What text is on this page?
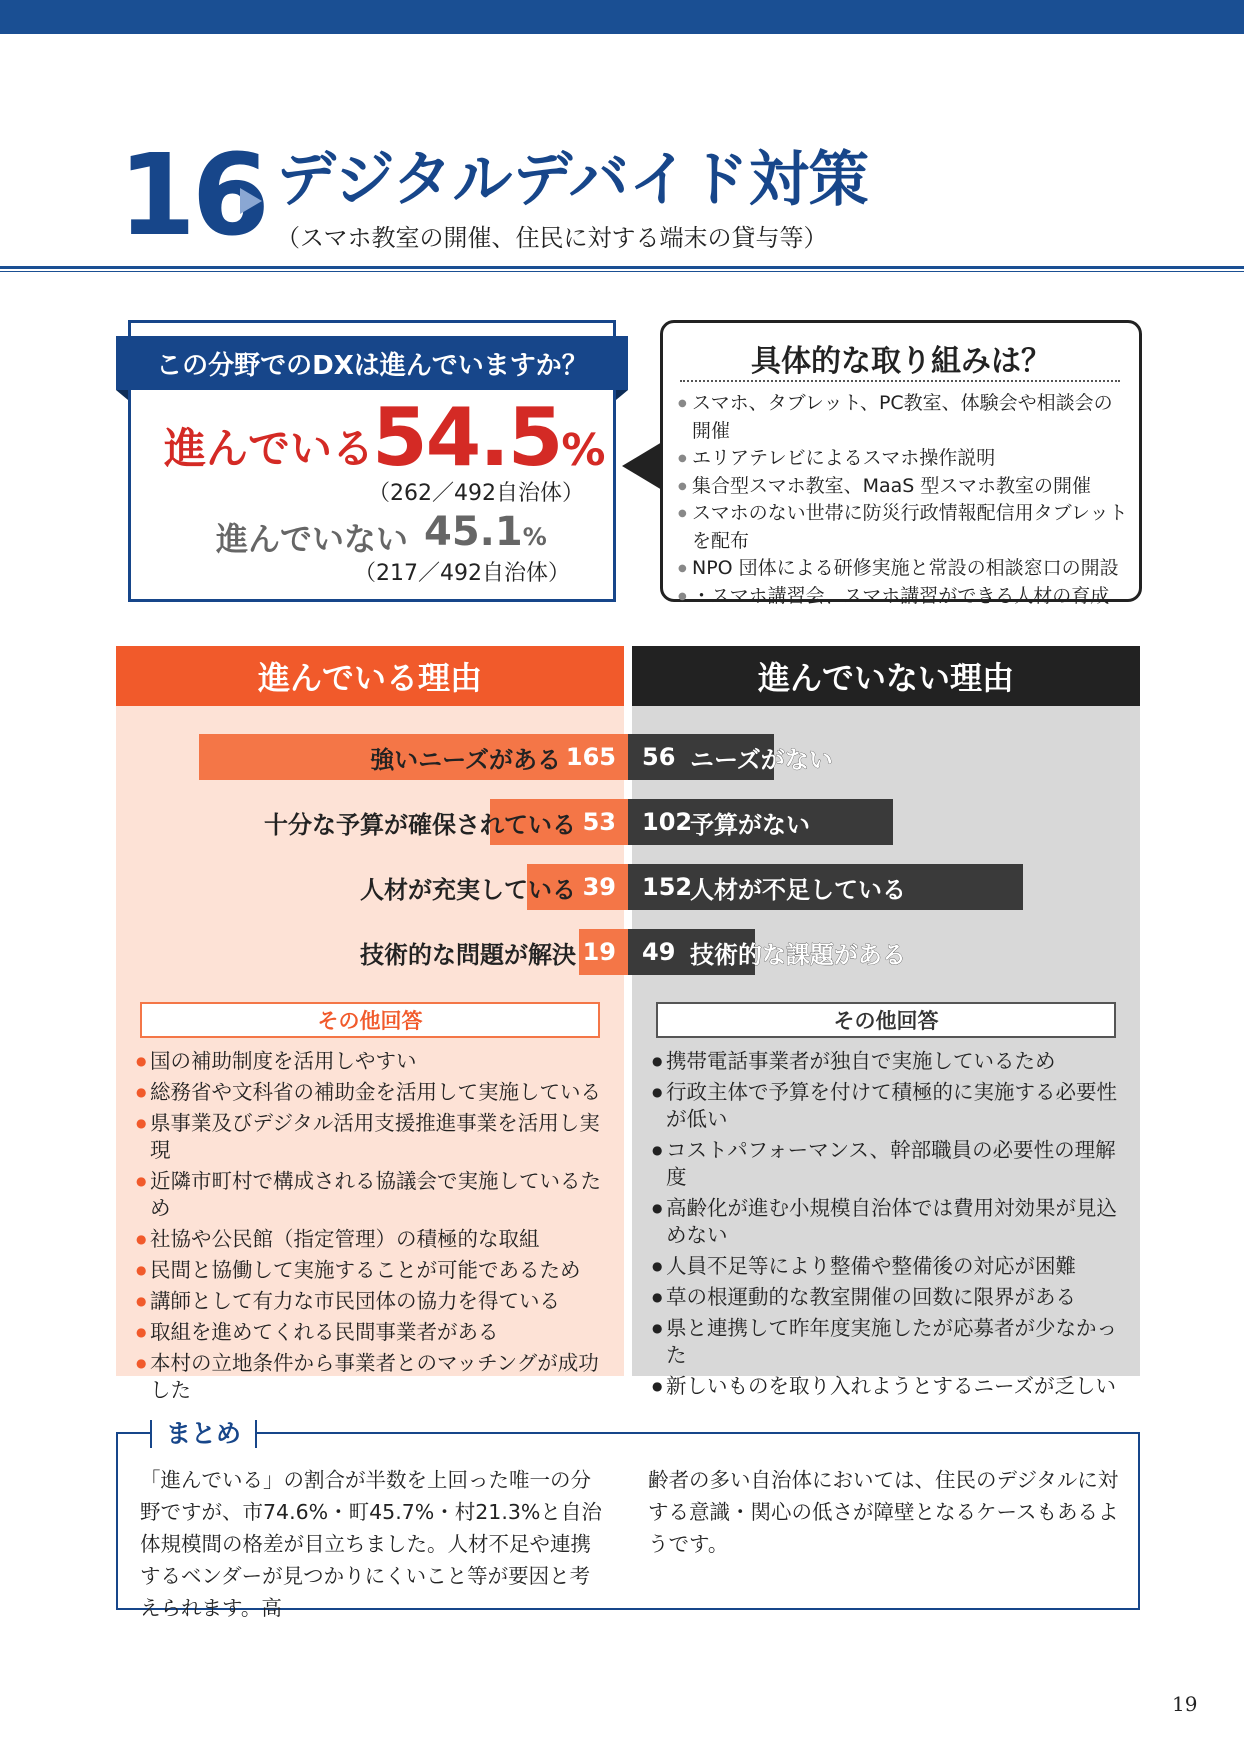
16 デジタルデバイド対策
（スマホ教室の開催、住民に対する端末の貸与等）
この分野でのDXは進んでいますか？
進んでいる
54.5%
（262／492自治体）
進んでいない 45.1%
（217／492自治体）
具体的な取り組みは？
● スマホ、タブレット、PC教室、体験会や相談会の開催
● エリアテレビによるスマホ操作説明
● 集合型スマホ教室、MaaS 型スマホ教室の開催
● スマホのない世帯に防災行政情報配信用タブレットを配布
● NPO 団体による研修実施と常設の相談窓口の開設
● ・スマホ講習会、スマホ講習ができる人材の育成
進んでいる理由	進んでいない理由
強いニーズがある
十分な予算が確保されている
人材が充実している
技術的な問題が解決
165
53
39
19
56
102
152
49
ニーズがない
予算がない
人材が不足している
技術的な課題がある
その他回答	その他回答
● 国の補助制度を活用しやすい
● 総務省や文科省の補助金を活用して実施している
● 県事業及びデジタル活用支援推進事業を活用し実現
● 近隣市町村で構成される協議会で実施しているため
● 社協や公民館（指定管理）の積極的な取組
● 民間と協働して実施することが可能であるため
● 講師として有力な市民団体の協力を得ている
● 取組を進めてくれる民間事業者がある
● 本村の立地条件から事業者とのマッチングが成功した
● 携帯電話事業者が独自で実施しているため
● 行政主体で予算を付けて積極的に実施する必要性が低い
● コストパフォーマンス、幹部職員の必要性の理解度
● 高齢化が進む小規模自治体では費用対効果が見込めない
● 人員不足等により整備や整備後の対応が困難
● 草の根運動的な教室開催の回数に限界がある
● 県と連携して昨年度実施したが応募者が少なかった
● 新しいものを取り入れようとするニーズが乏しい
まとめ

「進んでいる」の割合が半数を上回った唯一の分野ですが、市74.6%・町45.7%・村21.3%と自治体規模間の格差が目立ちました。人材不足や連携するベンダーが見つかりにくいこと等が要因と考えられます。高

齢者の多い自治体においては、住民のデジタルに対する意識・関心の低さが障壁となるケースもあるようです。

19
